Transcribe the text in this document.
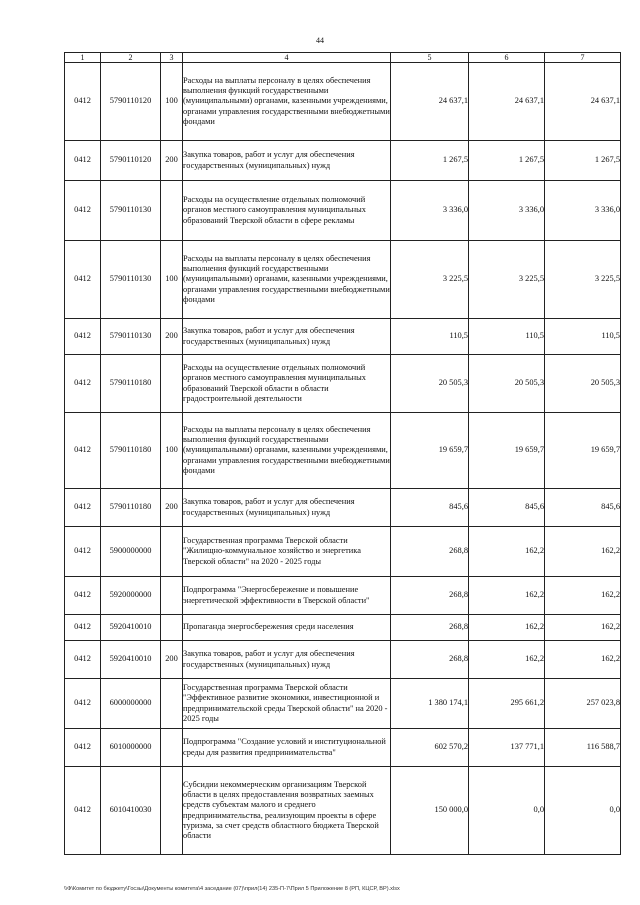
44
1	2	3	4	5	6	7
0412	5790110120	100	Расходы на выплаты персоналу в целях обеспечения выполнения функций государственными (муниципальными) органами, казенными учреждениями, органами управления государственными внебюджетными фондами	24 637,1	24 637,1	24 637,1
0412	5790110120	200	Закупка товаров, работ и услуг для обеспечения государственных (муниципальных) нужд	1 267,5	1 267,5	1 267,5
0412	5790110130		Расходы на осуществление отдельных полномочий органов местного самоуправления муниципальных образований Тверской области в сфере рекламы	3 336,0	3 336,0	3 336,0
0412	5790110130	100	Расходы на выплаты персоналу в целях обеспечения выполнения функций государственными (муниципальными) органами, казенными учреждениями, органами управления государственными внебюджетными фондами	3 225,5	3 225,5	3 225,5
0412	5790110130	200	Закупка товаров, работ и услуг для обеспечения государственных (муниципальных) нужд	110,5	110,5	110,5
0412	5790110180		Расходы на осуществление отдельных полномочий органов местного самоуправления муниципальных образований Тверской области в области градостроительной деятельности	20 505,3	20 505,3	20 505,3
0412	5790110180	100	Расходы на выплаты персоналу в целях обеспечения выполнения функций государственными (муниципальными) органами, казенными учреждениями, органами управления государственными внебюджетными фондами	19 659,7	19 659,7	19 659,7
0412	5790110180	200	Закупка товаров, работ и услуг для обеспечения государственных (муниципальных) нужд	845,6	845,6	845,6
0412	5900000000		Государственная программа Тверской области "Жилищно-коммунальное хозяйство и энергетика Тверской области" на 2020 - 2025 годы	268,8	162,2	162,2
0412	5920000000		Подпрограмма "Энергосбережение и повышение энергетической эффективности в Тверской области"	268,8	162,2	162,2
0412	5920410010		Пропаганда энергосбережения среди населения	268,8	162,2	162,2
0412	5920410010	200	Закупка товаров, работ и услуг для обеспечения государственных (муниципальных) нужд	268,8	162,2	162,2
0412	6000000000		Государственная программа Тверской области "Эффективное развитие экономики, инвестиционной и предпринимательской среды Тверской области" на 2020 - 2025 годы	1 380 174,1	295 661,2	257 023,8
0412	6010000000		Подпрограмма "Создание условий и институциональной среды для развития предпринимательства"	602 570,2	137 771,1	116 588,7
0412	6010410030		Субсидии некоммерческим организациям Тверской области в целях предоставления возвратных заемных средств субъектам малого и среднего предпринимательства, реализующим проекты в сфере туризма, за счет средств областного бюджета Тверской области	150 000,0	0,0	0,0
\\Ф\Комитет по бюджету\Госзы\Документы комитета\4 заседание (07)\прил(14) 235-П-7\Прил 5 Приложение 8 (РП, КЦСР, ВР).xlsx
